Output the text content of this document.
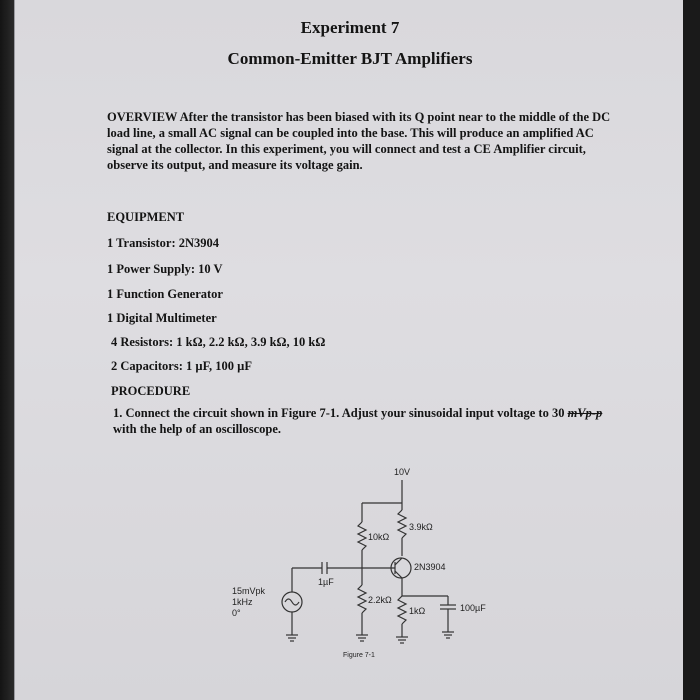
Experiment 7
Common-Emitter BJT Amplifiers
OVERVIEW After the transistor has been biased with its Q point near to the middle of the DC load line, a small AC signal can be coupled into the base. This will produce an amplified AC signal at the collector. In this experiment, you will connect and test a CE Amplifier circuit, observe its output, and measure its voltage gain.
EQUIPMENT
1 Transistor: 2N3904
1 Power Supply: 10 V
1 Function Generator
1 Digital Multimeter
4 Resistors: 1 kΩ, 2.2 kΩ, 3.9 kΩ, 10 kΩ
2 Capacitors: 1 µF, 100 µF
PROCEDURE
1. Connect the circuit shown in Figure 7-1. Adjust your sinusoidal input voltage to 30 mVp-p with the help of an oscilloscope.
10V
10kΩ
3.9kΩ
2N3904
1µF
2.2kΩ
1kΩ	100µF
15mVpk
1kHz
0°
Figure 7-1
